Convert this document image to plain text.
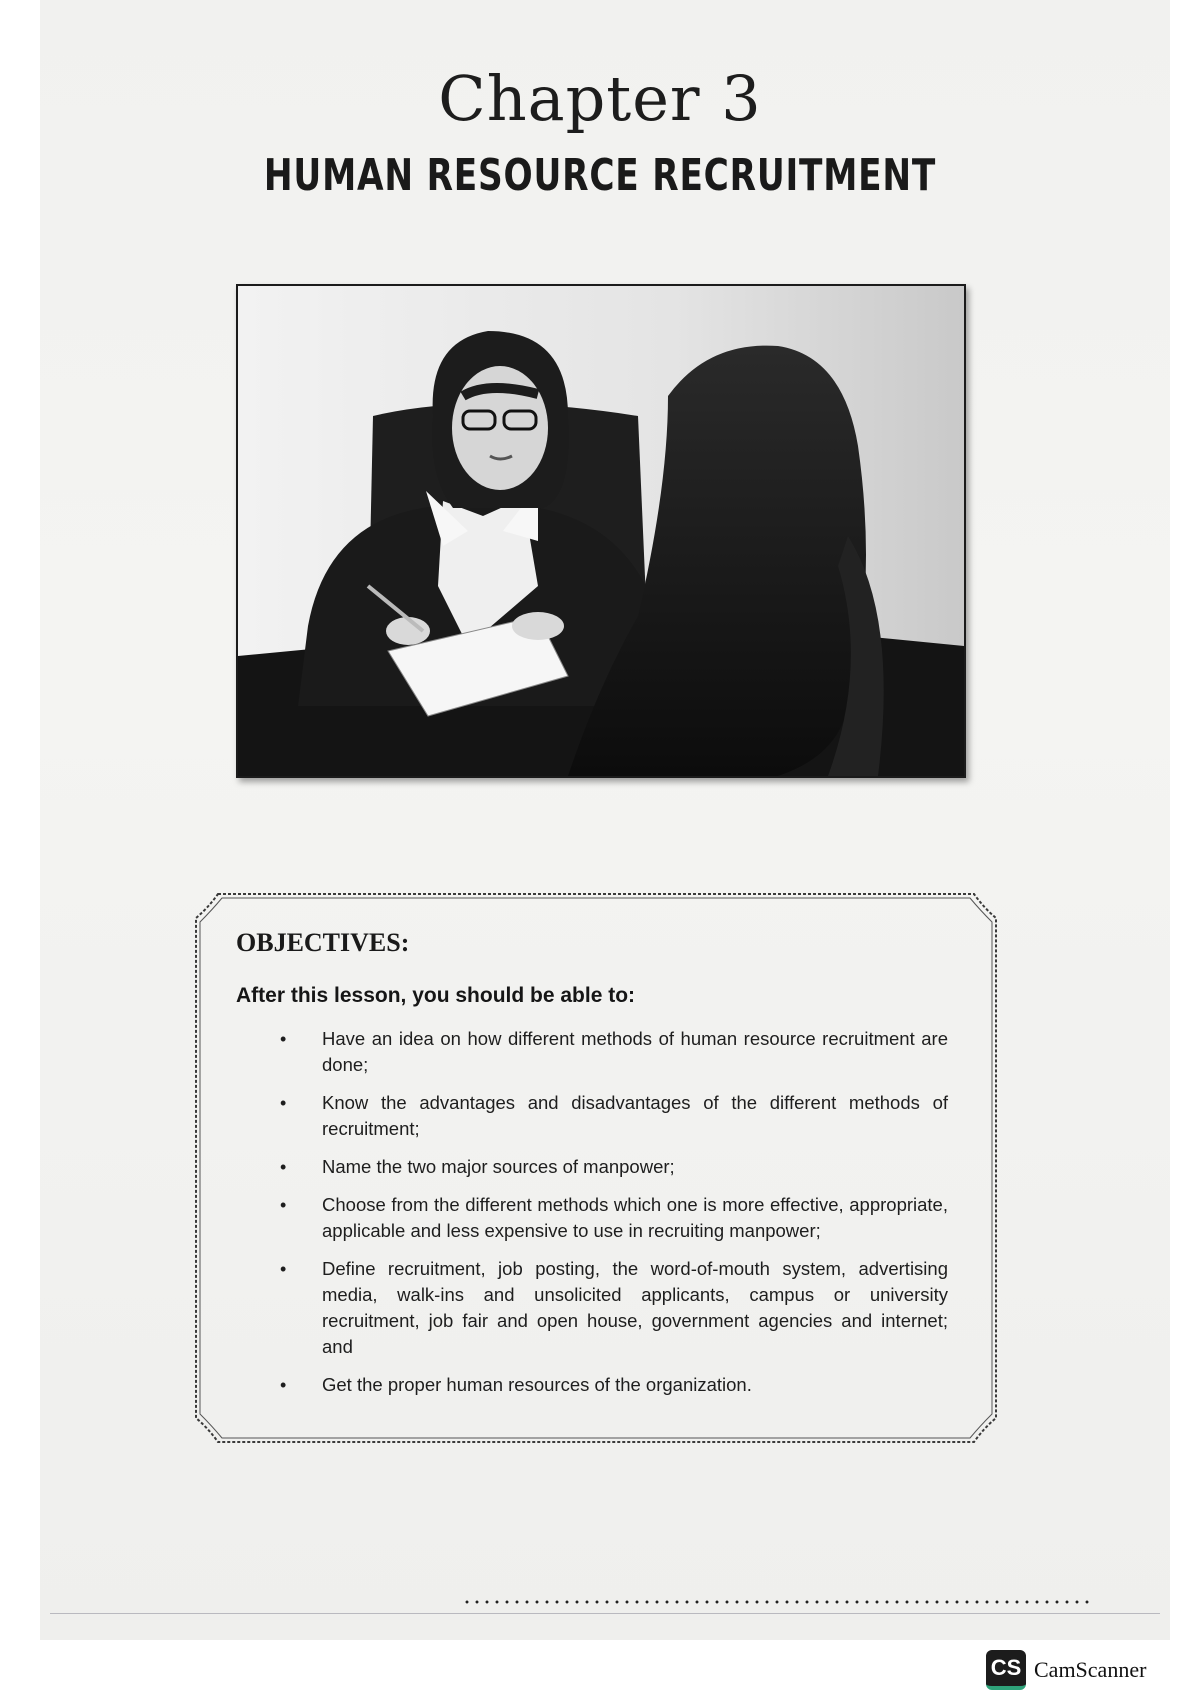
Chapter 3
HUMAN RESOURCE RECRUITMENT
OBJECTIVES:
After this lesson, you should be able to:
• Have an idea on how different methods of human resource recruitment are done;
• Know the advantages and disadvantages of the different methods of recruitment;
• Name the two major sources of manpower;
• Choose from the different methods which one is more effective, appropriate, applicable and less expensive to use in recruiting manpower;
• Define recruitment, job posting, the word-of-mouth system, advertising media, walk-ins and unsolicited applicants, campus or university recruitment, job fair and open house, government agencies and internet; and
• Get the proper human resources of the organization.
CS CamScanner
